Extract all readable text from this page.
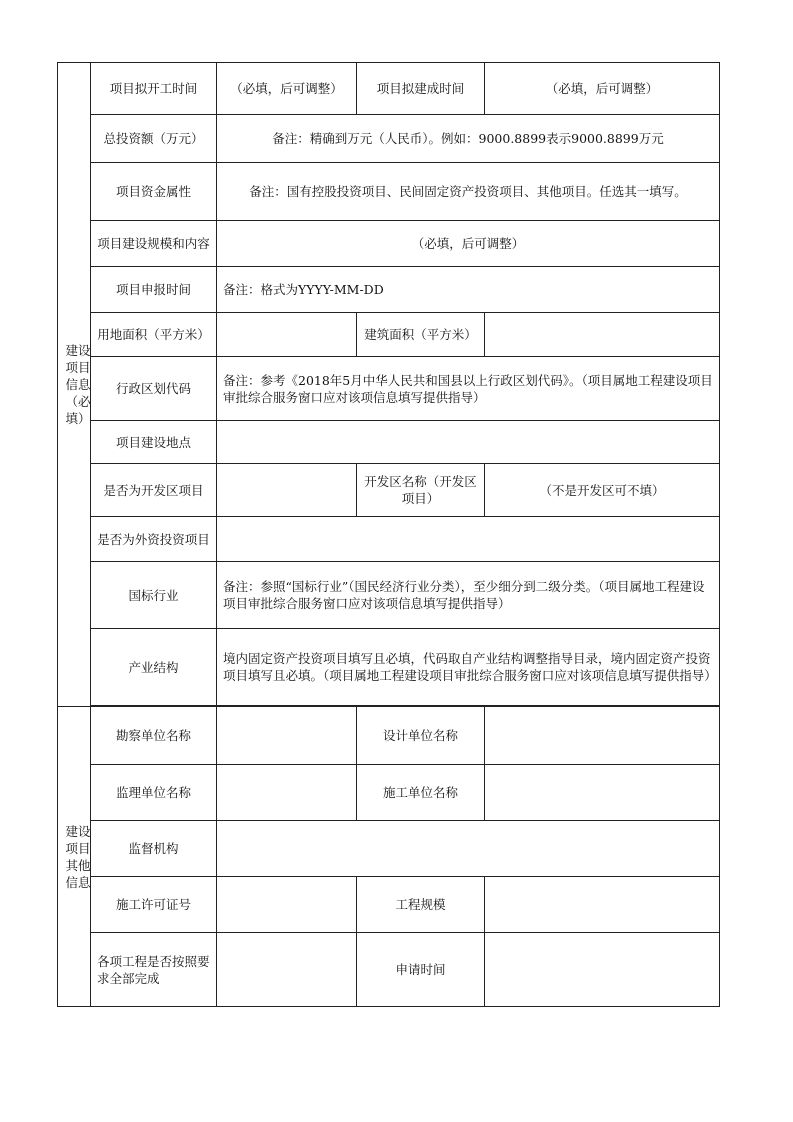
建设项目信息（必填）	项目拟开工时间	（必填，后可调整）	项目拟建成时间	（必填，后可调整）
	总投资额（万元）	备注：精确到万元（人民币）。例如：9000.8899表示9000.8899万元		
	项目资金属性	备注：国有控股投资项目、民间固定资产投资项目、其他项目。任选其一填写。		
	项目建设规模和内容	（必填，后可调整）		
	项目申报时间	备注：格式为YYYY-MM-DD		
	用地面积（平方米）		建筑面积（平方米）	
	行政区划代码	备注：参考《2018年5月中华人民共和国县以上行政区划代码》。（项目属地工程建设项目审批综合服务窗口应对该项信息填写提供指导）		
	项目建设地点			
	是否为开发区项目		开发区名称（开发区项目）	（不是开发区可不填）
	是否为外资投资项目			
	国标行业	备注：参照“国标行业”（国民经济行业分类），至少细分到二级分类。（项目属地工程建设项目审批综合服务窗口应对该项信息填写提供指导）		
	产业结构	境内固定资产投资项目填写且必填，代码取自产业结构调整指导目录，境内固定资产投资项目填写且必填。（项目属地工程建设项目审批综合服务窗口应对该项信息填写提供指导）		

建设项目其他信息	勘察单位名称		设计单位名称	
	监理单位名称		施工单位名称	
	监督机构			
	施工许可证号		工程规模	
	各项工程是否按照要求全部完成		申请时间	
